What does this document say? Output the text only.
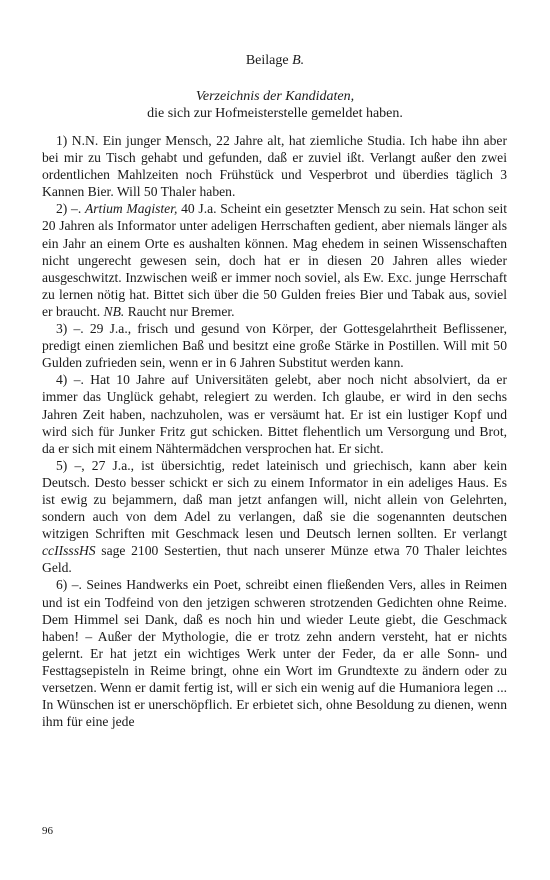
Beilage B.
Verzeichnis der Kandidaten,
die sich zur Hofmeisterstelle gemeldet haben.

1) N.N. Ein junger Mensch, 22 Jahre alt, hat ziemliche Studia. Ich habe ihn aber bei mir zu Tisch gehabt und gefunden, daß er zuviel ißt. Verlangt außer den zwei ordentlichen Mahlzeiten noch Frühstück und Vesperbrot und überdies täglich 3 Kannen Bier. Will 50 Thaler haben.

2) –. Artium Magister, 40 J.a. Scheint ein gesetzter Mensch zu sein. Hat schon seit 20 Jahren als Informator unter adeligen Herrschaften gedient, aber niemals länger als ein Jahr an einem Orte es aushalten können. Mag ehedem in seinen Wissenschaften nicht ungerecht gewesen sein, doch hat er in diesen 20 Jahren alles wieder ausgeschwitzt. Inzwischen weiß er immer noch soviel, als Ew. Exc. junge Herrschaft zu lernen nötig hat. Bittet sich über die 50 Gulden freies Bier und Tabak aus, soviel er braucht. NB. Raucht nur Bremer.

3) –. 29 J.a., frisch und gesund von Körper, der Gottesgelahrtheit Beflissener, predigt einen ziemlichen Baß und besitzt eine große Stärke in Postillen. Will mit 50 Gulden zufrieden sein, wenn er in 6 Jahren Substitut werden kann.

4) –. Hat 10 Jahre auf Universitäten gelebt, aber noch nicht absolviert, da er immer das Unglück gehabt, relegiert zu werden. Ich glaube, er wird in den sechs Jahren Zeit haben, nachzuholen, was er versäumt hat. Er ist ein lustiger Kopf und wird sich für Junker Fritz gut schicken. Bittet flehentlich um Versorgung und Brot, da er sich mit einem Nähtermädchen versprochen hat. Er sicht.

5) –, 27 J.a., ist übersichtig, redet lateinisch und griechisch, kann aber kein Deutsch. Desto besser schickt er sich zu einem Informator in ein adeliges Haus. Es ist ewig zu bejammern, daß man jetzt anfangen will, nicht allein von Gelehrten, sondern auch von dem Adel zu verlangen, daß sie die sogenannten deutschen witzigen Schriften mit Geschmack lesen und Deutsch lernen sollten. Er verlangt ccIIsssHS sage 2100 Sestertien, thut nach unserer Münze etwa 70 Thaler leichtes Geld.

6) –. Seines Handwerks ein Poet, schreibt einen fließenden Vers, alles in Reimen und ist ein Todfeind von den jetzigen schweren strotzenden Gedichten ohne Reime. Dem Himmel sei Dank, daß es noch hin und wieder Leute giebt, die Geschmack haben! – Außer der Mythologie, die er trotz zehn andern versteht, hat er nichts gelernt. Er hat jetzt ein wichtiges Werk unter der Feder, da er alle Sonn- und Festtagsepisteln in Reime bringt, ohne ein Wort im Grundtexte zu ändern oder zu versetzen. Wenn er damit fertig ist, will er sich ein wenig auf die Humaniora legen ... In Wünschen ist er unerschöpflich. Er erbietet sich, ohne Besoldung zu dienen, wenn ihm für eine jede

96
